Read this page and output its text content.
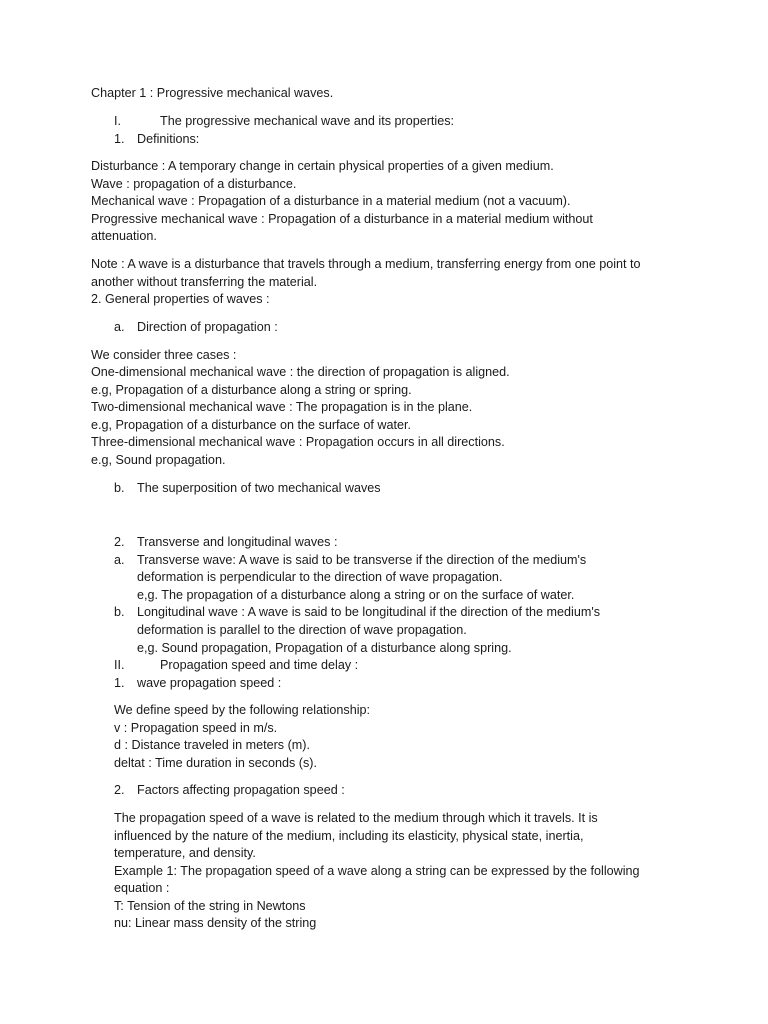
Chapter 1 : Progressive mechanical waves.

I.	The progressive mechanical wave and its properties:

1. Definitions:

Disturbance : A temporary change in certain physical properties of a given medium.

Wave : propagation of a disturbance.

Mechanical wave : Propagation of a disturbance in a material medium (not a vacuum).

Progressive mechanical wave : Propagation of a disturbance in a material medium without

attenuation.

Note : A wave is a disturbance that travels through a medium, transferring energy from one point to

another without transferring the material.

2. General properties of waves :

a. Direction of propagation :

We consider three cases :

One-dimensional mechanical wave : the direction of propagation is aligned.

e.g, Propagation of a disturbance along a string or spring.

Two-dimensional mechanical wave : The propagation is in the plane.

e.g, Propagation of a disturbance on the surface of water.

Three-dimensional mechanical wave : Propagation occurs in all directions.

e.g, Sound propagation.

b. The superposition of two mechanical waves

2. Transverse and longitudinal waves :

a. Transverse wave: A wave is said to be transverse if the direction of the medium's

deformation is perpendicular to the direction of wave propagation.

e,g. The propagation of a disturbance along a string or on the surface of water.

b. Longitudinal wave : A wave is said to be longitudinal if the direction of the medium's

deformation is parallel to the direction of wave propagation.

e,g. Sound propagation, Propagation of a disturbance along spring.

II.	Propagation speed and time delay :

1. wave propagation speed :

We define speed by the following relationship:

v : Propagation speed in m/s.

d : Distance traveled in meters (m).

deltat : Time duration in seconds (s).

2. Factors affecting propagation speed :

The propagation speed of a wave is related to the medium through which it travels. It is

influenced by the nature of the medium, including its elasticity, physical state, inertia,

temperature, and density.

Example 1: The propagation speed of a wave along a string can be expressed by the following

equation :

T: Tension of the string in Newtons

nu: Linear mass density of the string
